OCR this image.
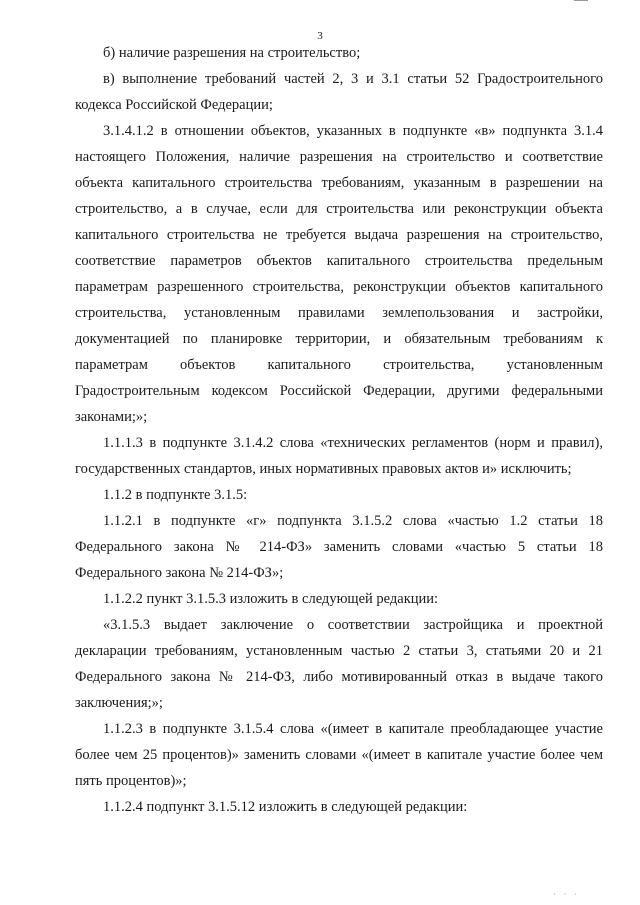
3

б) наличие разрешения на строительство;

в) выполнение требований частей 2, 3 и 3.1 статьи 52 Градостроительного кодекса Российской Федерации;

3.1.4.1.2 в отношении объектов, указанных в подпункте «в» подпункта 3.1.4 настоящего Положения, наличие разрешения на строительство и соответствие объекта капитального строительства требованиям, указанным в разрешении на строительство, а в случае, если для строительства или реконструкции объекта капитального строительства не требуется выдача разрешения на строительство, соответствие параметров объектов капитального строительства предельным параметрам разрешенного строительства, реконструкции объектов капитального строительства, установленным правилами землепользования и застройки, документацией по планировке территории, и обязательным требованиям к параметрам объектов капитального строительства, установленным Градостроительным кодексом Российской Федерации, другими федеральными законами;»;

1.1.1.3 в подпункте 3.1.4.2 слова «технических регламентов (норм и правил), государственных стандартов, иных нормативных правовых актов и» исключить;

1.1.2 в подпункте 3.1.5:

1.1.2.1 в подпункте «г» подпункта 3.1.5.2 слова «частью 1.2 статьи 18 Федерального закона № 214-ФЗ» заменить словами «частью 5 статьи 18 Федерального закона № 214-ФЗ»;

1.1.2.2 пункт 3.1.5.3 изложить в следующей редакции:

«3.1.5.3 выдает заключение о соответствии застройщика и проектной декларации требованиям, установленным частью 2 статьи 3, статьями 20 и 21 Федерального закона № 214-ФЗ, либо мотивированный отказ в выдаче такого заключения;»;

1.1.2.3 в подпункте 3.1.5.4 слова «(имеет в капитале преобладающее участие более чем 25 процентов)» заменить словами «(имеет в капитале участие более чем пять процентов)»;

1.1.2.4 подпункт 3.1.5.12 изложить в следующей редакции:

· · ·
